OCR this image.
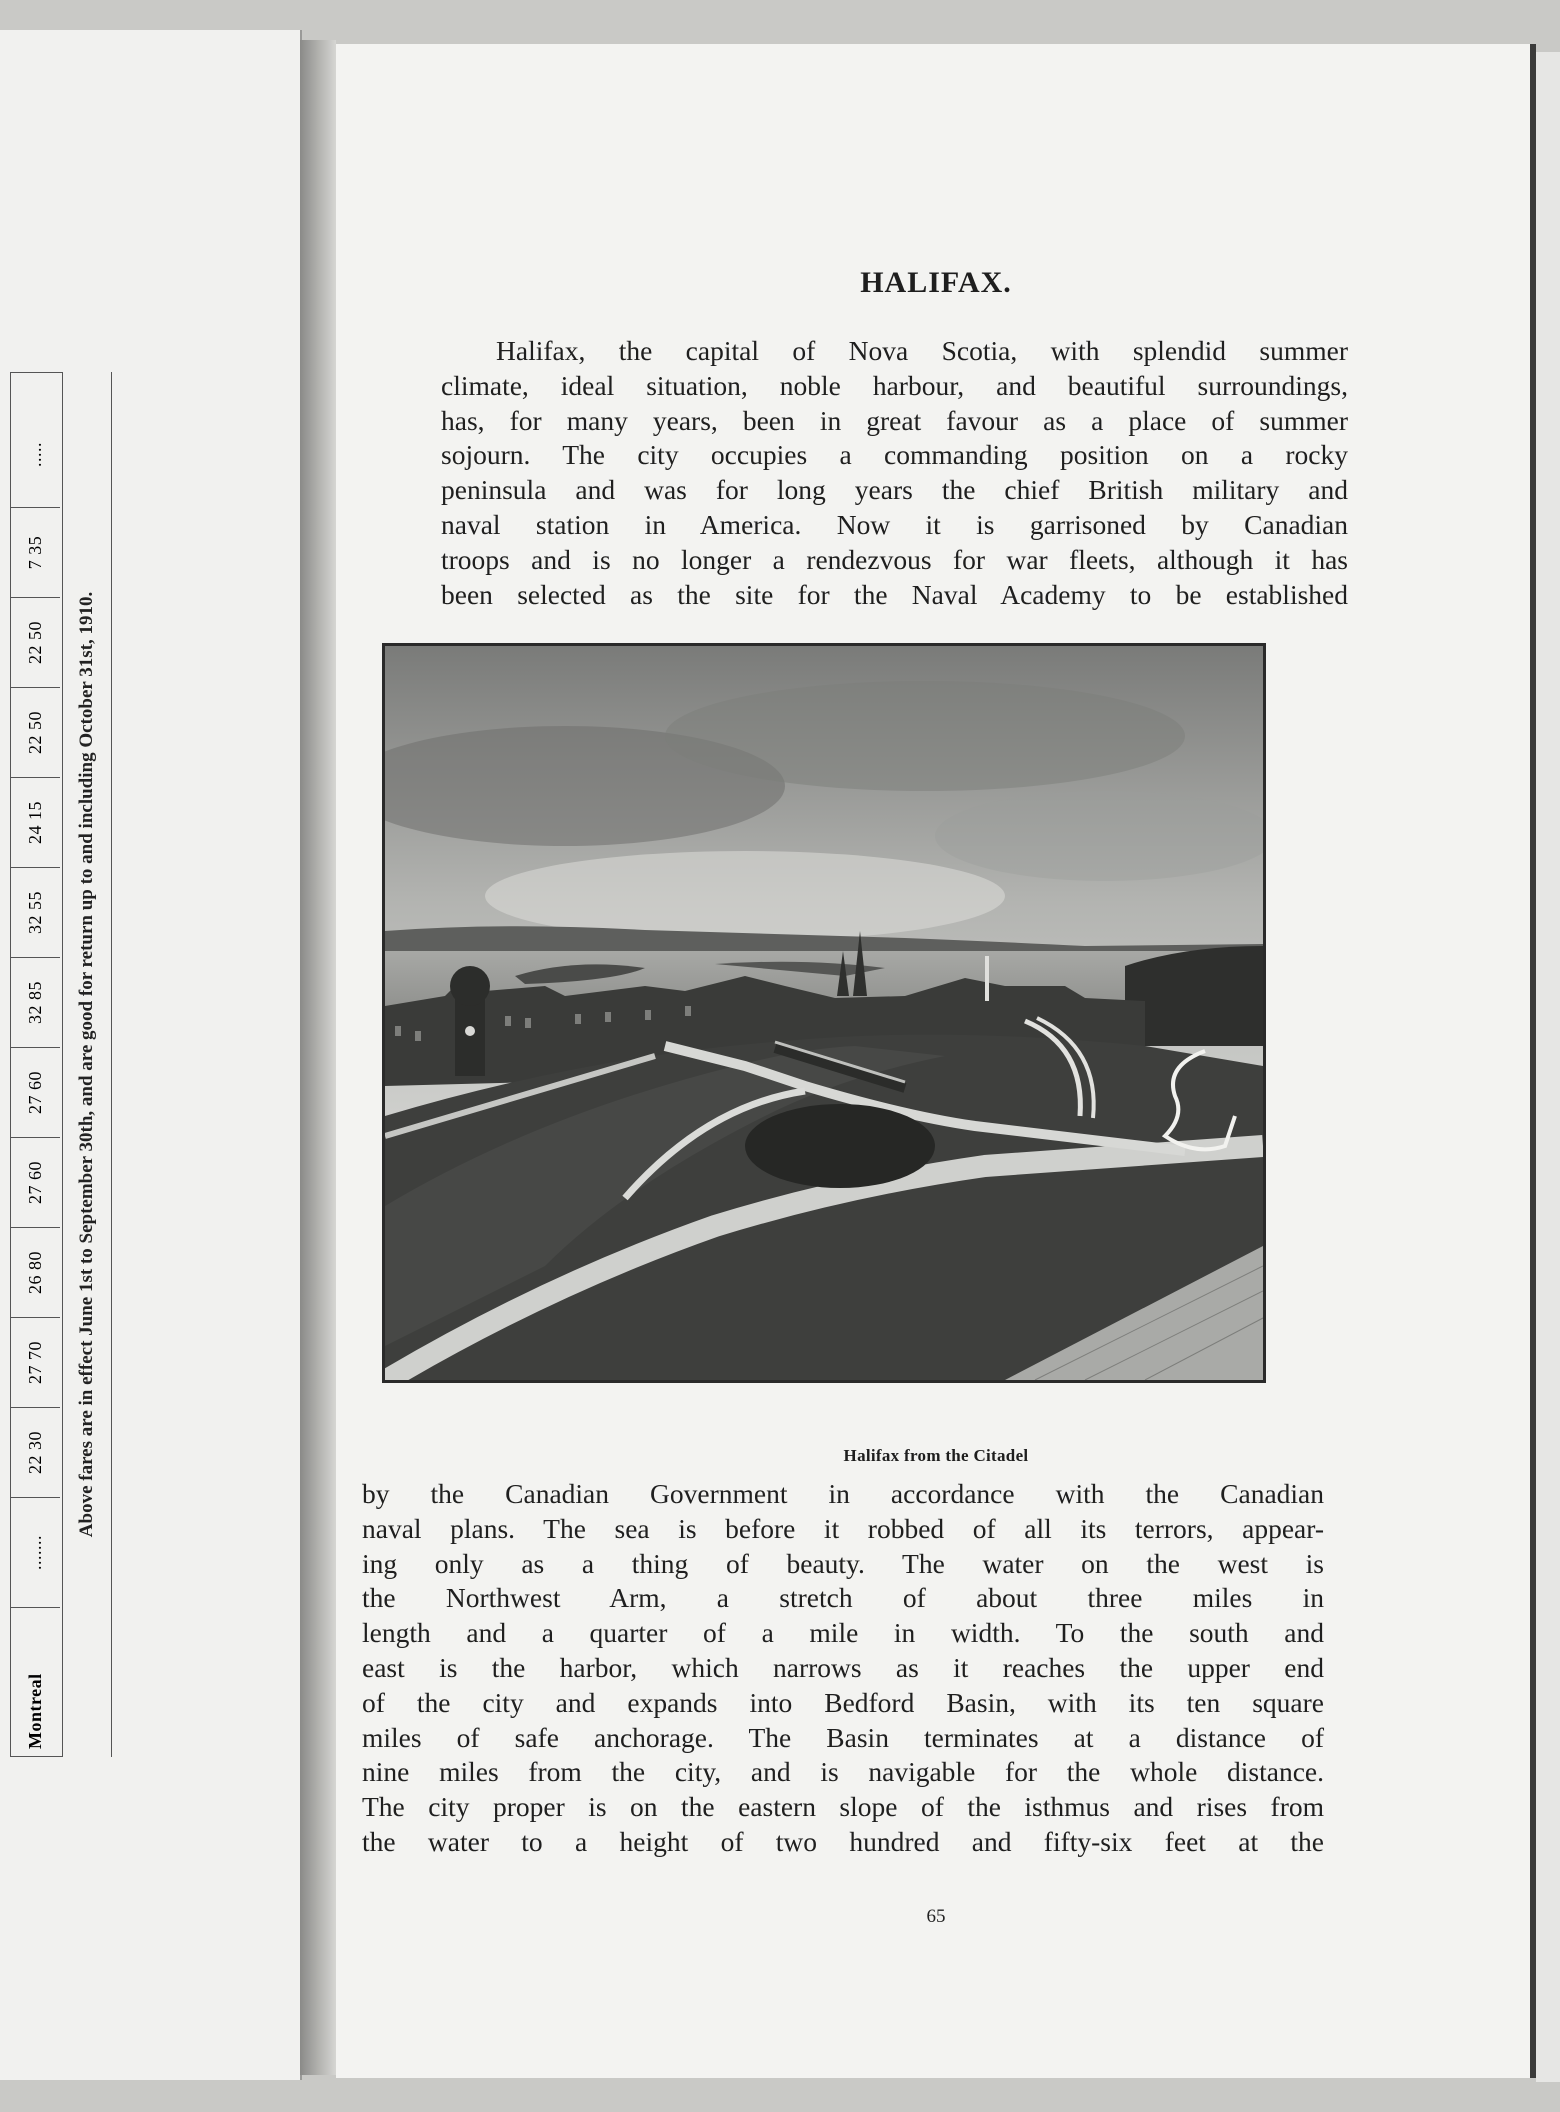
Montreal
.......
22 30
27 70
26 80
27 60
27 60
32 85
32 55
24 15
22 50
22 50
7 35
.....
Above fares are in effect June 1st to September 30th, and are good for return up to and including October 31st, 1910.
HALIFAX.
Halifax, the capital of Nova Scotia, with splendid summer
climate, ideal situation, noble harbour, and beautiful surroundings,
has, for many years, been in great favour as a place of summer
sojourn. The city occupies a commanding position on a rocky
peninsula and was for long years the chief British military and
naval station in America. Now it is garrisoned by Canadian
troops and is no longer a rendezvous for war fleets, although it has
been selected as the site for the Naval Academy to be established
Halifax from the Citadel
by the Canadian Government in accordance with the Canadian
naval plans. The sea is before it robbed of all its terrors, appear-
ing only as a thing of beauty. The water on the west is
the Northwest Arm, a stretch of about three miles in
length and a quarter of a mile in width. To the south and
east is the harbor, which narrows as it reaches the upper end
of the city and expands into Bedford Basin, with its ten square
miles of safe anchorage. The Basin terminates at a distance of
nine miles from the city, and is navigable for the whole distance.
The city proper is on the eastern slope of the isthmus and rises from
the water to a height of two hundred and fifty-six feet at the
65
